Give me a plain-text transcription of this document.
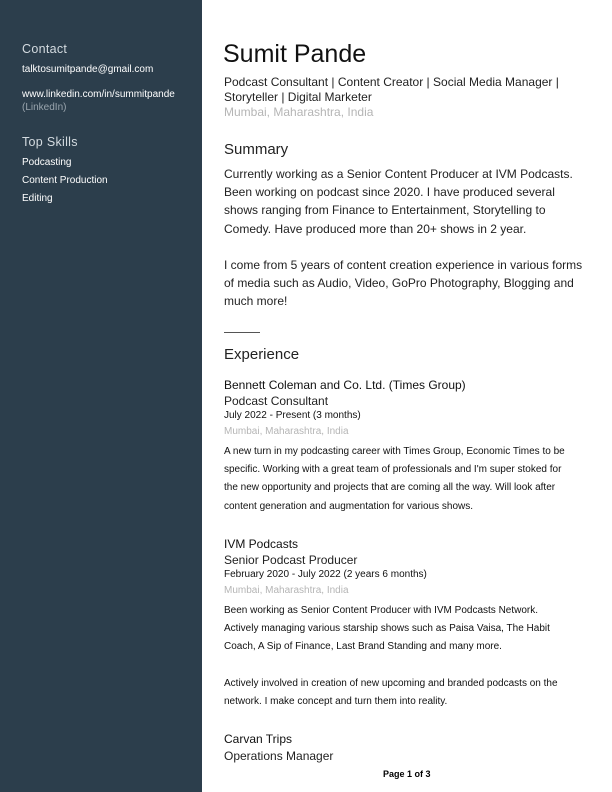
Contact
talktosumitpande@gmail.com
www.linkedin.com/in/summitpande
(LinkedIn)
Top Skills
Podcasting
Content Production
Editing
Sumit Pande
Podcast Consultant | Content Creator | Social Media Manager |
Storyteller | Digital Marketer
Mumbai, Maharashtra, India
Summary
Currently working as a Senior Content Producer at IVM Podcasts.
Been working on podcast since 2020. I have produced several
shows ranging from Finance to Entertainment, Storytelling to
Comedy. Have produced more than 20+ shows in 2 year.
I come from 5 years of content creation experience in various forms
of media such as Audio, Video, GoPro Photography, Blogging and
much more!
Experience
Bennett Coleman and Co. Ltd. (Times Group)
Podcast Consultant
July 2022 - Present (3 months)
Mumbai, Maharashtra, India
A new turn in my podcasting career with Times Group, Economic Times to be
specific. Working with a great team of professionals and I'm super stoked for
the new opportunity and projects that are coming all the way. Will look after
content generation and augmentation for various shows.
IVM Podcasts
Senior Podcast Producer
February 2020 - July 2022 (2 years 6 months)
Mumbai, Maharashtra, India
Been working as Senior Content Producer with IVM Podcasts Network.
Actively managing various starship shows such as Paisa Vaisa, The Habit
Coach, A Sip of Finance, Last Brand Standing and many more.
Actively involved in creation of new upcoming and branded podcasts on the
network. I make concept and turn them into reality.
Carvan Trips
Operations Manager
Page 1 of 3
